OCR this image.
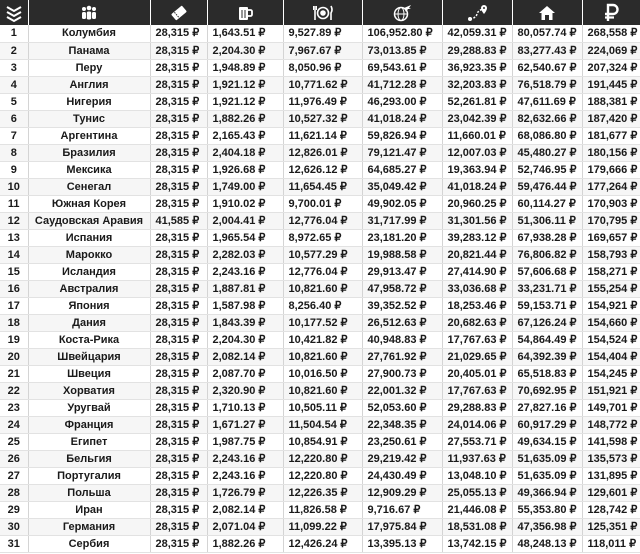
1	Колумбия	28,315 ₽	1,643.51 ₽	9,527.89 ₽	106,952.80 ₽	42,059.31 ₽	80,057.74 ₽	268,558 ₽
2	Панама	28,315 ₽	2,204.30 ₽	7,967.67 ₽	73,013.85 ₽	29,288.83 ₽	83,277.43 ₽	224,069 ₽
3	Перу	28,315 ₽	1,948.89 ₽	8,050.96 ₽	69,543.61 ₽	36,923.35 ₽	62,540.67 ₽	207,324 ₽
4	Англия	28,315 ₽	1,921.12 ₽	10,771.62 ₽	41,712.28 ₽	32,203.83 ₽	76,518.79 ₽	191,445 ₽
5	Нигерия	28,315 ₽	1,921.12 ₽	11,976.49 ₽	46,293.00 ₽	52,261.81 ₽	47,611.69 ₽	188,381 ₽
6	Тунис	28,315 ₽	1,882.26 ₽	10,527.32 ₽	41,018.24 ₽	23,042.39 ₽	82,632.66 ₽	187,420 ₽
7	Аргентина	28,315 ₽	2,165.43 ₽	11,621.14 ₽	59,826.94 ₽	11,660.01 ₽	68,086.80 ₽	181,677 ₽
8	Бразилия	28,315 ₽	2,404.18 ₽	12,826.01 ₽	79,121.47 ₽	12,007.03 ₽	45,480.27 ₽	180,156 ₽
9	Мексика	28,315 ₽	1,926.68 ₽	12,626.12 ₽	64,685.27 ₽	19,363.94 ₽	52,746.95 ₽	179,666 ₽
10	Сенегал	28,315 ₽	1,749.00 ₽	11,654.45 ₽	35,049.42 ₽	41,018.24 ₽	59,476.44 ₽	177,264 ₽
11	Южная Корея	28,315 ₽	1,910.02 ₽	9,700.01 ₽	49,902.05 ₽	20,960.25 ₽	60,114.27 ₽	170,903 ₽
12	Саудовская Аравия	41,585 ₽	2,004.41 ₽	12,776.04 ₽	31,717.99 ₽	31,301.56 ₽	51,306.11 ₽	170,795 ₽
13	Испания	28,315 ₽	1,965.54 ₽	8,972.65 ₽	23,181.20 ₽	39,283.12 ₽	67,938.28 ₽	169,657 ₽
14	Марокко	28,315 ₽	2,282.03 ₽	10,577.29 ₽	19,988.58 ₽	20,821.44 ₽	76,806.82 ₽	158,793 ₽
15	Исландия	28,315 ₽	2,243.16 ₽	12,776.04 ₽	29,913.47 ₽	27,414.90 ₽	57,606.68 ₽	158,271 ₽
16	Австралия	28,315 ₽	1,887.81 ₽	10,821.60 ₽	47,958.72 ₽	33,036.68 ₽	33,231.71 ₽	155,254 ₽
17	Япония	28,315 ₽	1,587.98 ₽	8,256.40 ₽	39,352.52 ₽	18,253.46 ₽	59,153.71 ₽	154,921 ₽
18	Дания	28,315 ₽	1,843.39 ₽	10,177.52 ₽	26,512.63 ₽	20,682.63 ₽	67,126.24 ₽	154,660 ₽
19	Коста-Рика	28,315 ₽	2,204.30 ₽	10,421.82 ₽	40,948.83 ₽	17,767.63 ₽	54,864.49 ₽	154,524 ₽
20	Швейцария	28,315 ₽	2,082.14 ₽	10,821.60 ₽	27,761.92 ₽	21,029.65 ₽	64,392.39 ₽	154,404 ₽
21	Швеция	28,315 ₽	2,087.70 ₽	10,016.50 ₽	27,900.73 ₽	20,405.01 ₽	65,518.83 ₽	154,245 ₽
22	Хорватия	28,315 ₽	2,320.90 ₽	10,821.60 ₽	22,001.32 ₽	17,767.63 ₽	70,692.95 ₽	151,921 ₽
23	Уругвай	28,315 ₽	1,710.13 ₽	10,505.11 ₽	52,053.60 ₽	29,288.83 ₽	27,827.16 ₽	149,701 ₽
24	Франция	28,315 ₽	1,671.27 ₽	11,504.54 ₽	22,348.35 ₽	24,014.06 ₽	60,917.29 ₽	148,772 ₽
25	Египет	28,315 ₽	1,987.75 ₽	10,854.91 ₽	23,250.61 ₽	27,553.71 ₽	49,634.15 ₽	141,598 ₽
26	Бельгия	28,315 ₽	2,243.16 ₽	12,220.80 ₽	29,219.42 ₽	11,937.63 ₽	51,635.09 ₽	135,573 ₽
27	Португалия	28,315 ₽	2,243.16 ₽	12,220.80 ₽	24,430.49 ₽	13,048.10 ₽	51,635.09 ₽	131,895 ₽
28	Польша	28,315 ₽	1,726.79 ₽	12,226.35 ₽	12,909.29 ₽	25,055.13 ₽	49,366.94 ₽	129,601 ₽
29	Иран	28,315 ₽	2,082.14 ₽	11,826.58 ₽	9,716.67 ₽	21,446.08 ₽	55,353.80 ₽	128,742 ₽
30	Германия	28,315 ₽	2,071.04 ₽	11,099.22 ₽	17,975.84 ₽	18,531.08 ₽	47,356.98 ₽	125,351 ₽
31	Сербия	28,315 ₽	1,882.26 ₽	12,426.24 ₽	13,395.13 ₽	13,742.15 ₽	48,248.13 ₽	118,011 ₽
